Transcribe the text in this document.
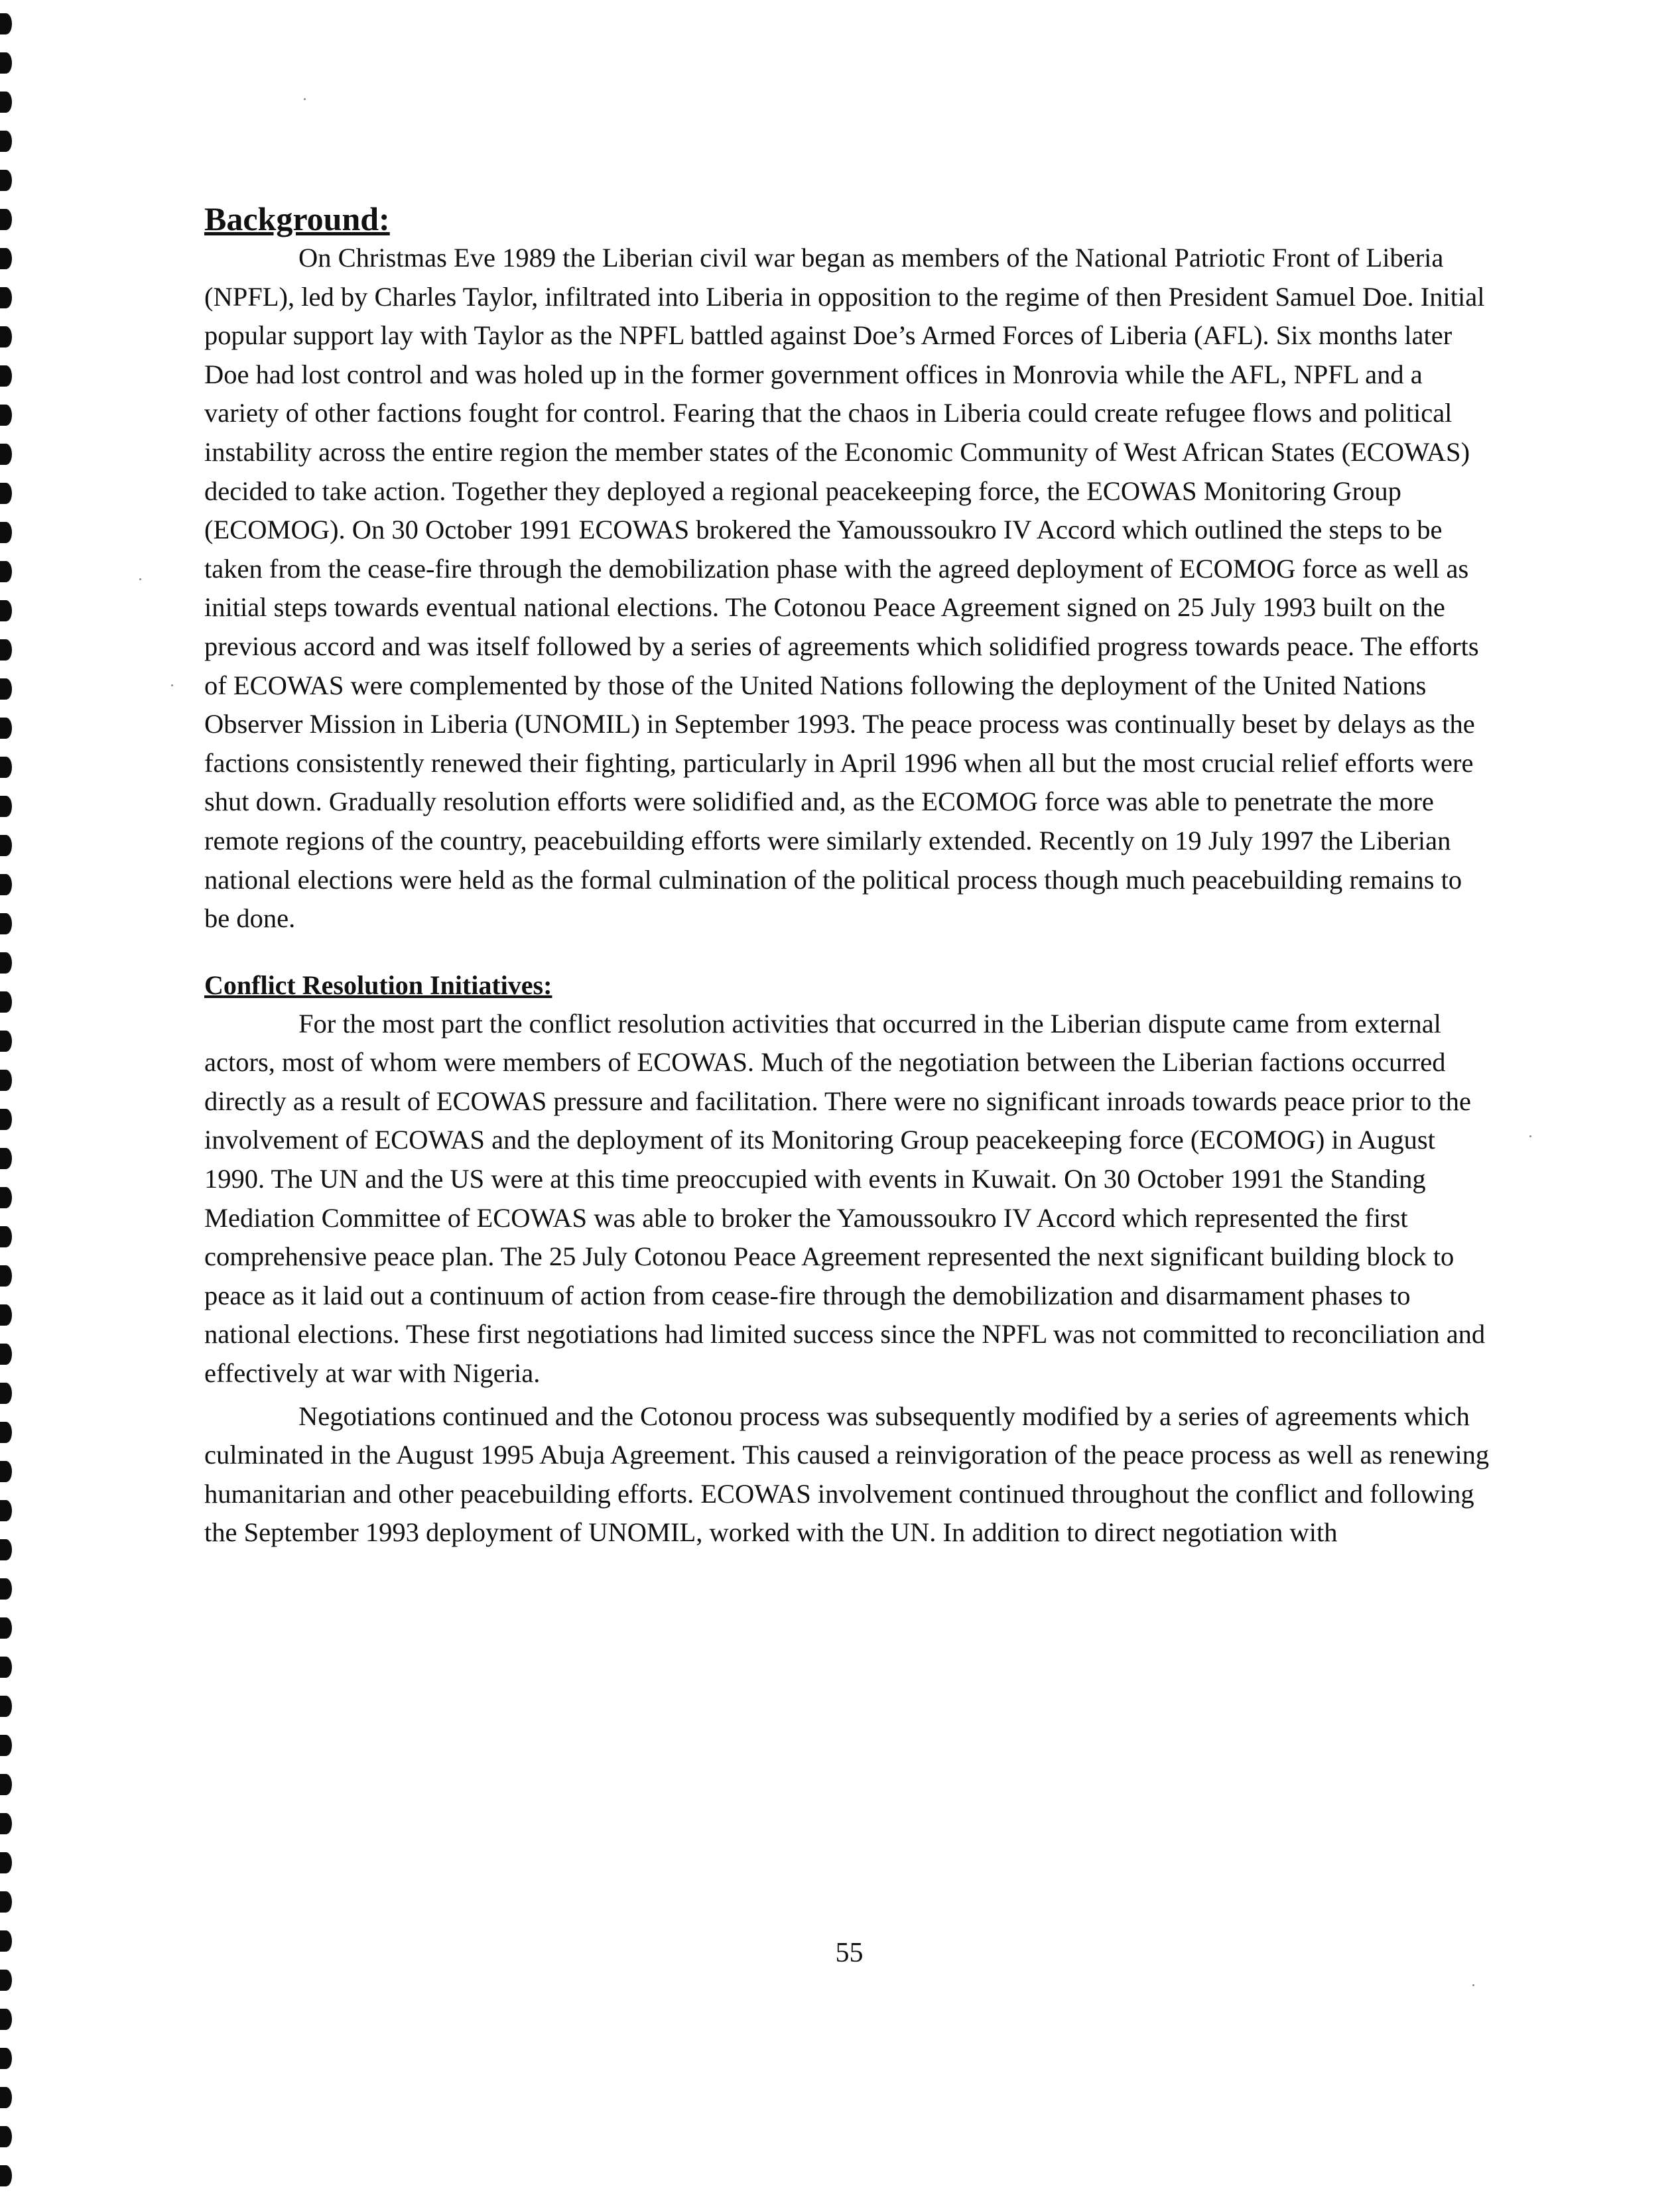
Background:

On Christmas Eve 1989 the Liberian civil war began as members of the National Patriotic Front of Liberia (NPFL), led by Charles Taylor, infiltrated into Liberia in opposition to the regime of then President Samuel Doe. Initial popular support lay with Taylor as the NPFL battled against Doe’s Armed Forces of Liberia (AFL). Six months later Doe had lost control and was holed up in the former government offices in Monrovia while the AFL, NPFL and a variety of other factions fought for control. Fearing that the chaos in Liberia could create refugee flows and political instability across the entire region the member states of the Economic Community of West African States (ECOWAS) decided to take action. Together they deployed a regional peacekeeping force, the ECOWAS Monitoring Group (ECOMOG). On 30 October 1991 ECOWAS brokered the Yamoussoukro IV Accord which outlined the steps to be taken from the cease-fire through the demobilization phase with the agreed deployment of ECOMOG force as well as initial steps towards eventual national elections. The Cotonou Peace Agreement signed on 25 July 1993 built on the previous accord and was itself followed by a series of agreements which solidified progress towards peace. The efforts of ECOWAS were complemented by those of the United Nations following the deployment of the United Nations Observer Mission in Liberia (UNOMIL) in September 1993. The peace process was continually beset by delays as the factions consistently renewed their fighting, particularly in April 1996 when all but the most crucial relief efforts were shut down. Gradually resolution efforts were solidified and, as the ECOMOG force was able to penetrate the more remote regions of the country, peacebuilding efforts were similarly extended. Recently on 19 July 1997 the Liberian national elections were held as the formal culmination of the political process though much peacebuilding remains to be done.

Conflict Resolution Initiatives:

For the most part the conflict resolution activities that occurred in the Liberian dispute came from external actors, most of whom were members of ECOWAS. Much of the negotiation between the Liberian factions occurred directly as a result of ECOWAS pressure and facilitation. There were no significant inroads towards peace prior to the involvement of ECOWAS and the deployment of its Monitoring Group peacekeeping force (ECOMOG) in August 1990. The UN and the US were at this time preoccupied with events in Kuwait. On 30 October 1991 the Standing Mediation Committee of ECOWAS was able to broker the Yamoussoukro IV Accord which represented the first comprehensive peace plan. The 25 July Cotonou Peace Agreement represented the next significant building block to peace as it laid out a continuum of action from cease-fire through the demobilization and disarmament phases to national elections. These first negotiations had limited success since the NPFL was not committed to reconciliation and effectively at war with Nigeria.

Negotiations continued and the Cotonou process was subsequently modified by a series of agreements which culminated in the August 1995 Abuja Agreement. This caused a reinvigoration of the peace process as well as renewing humanitarian and other peacebuilding efforts. ECOWAS involvement continued throughout the conflict and following the September 1993 deployment of UNOMIL, worked with the UN. In addition to direct negotiation with

55
